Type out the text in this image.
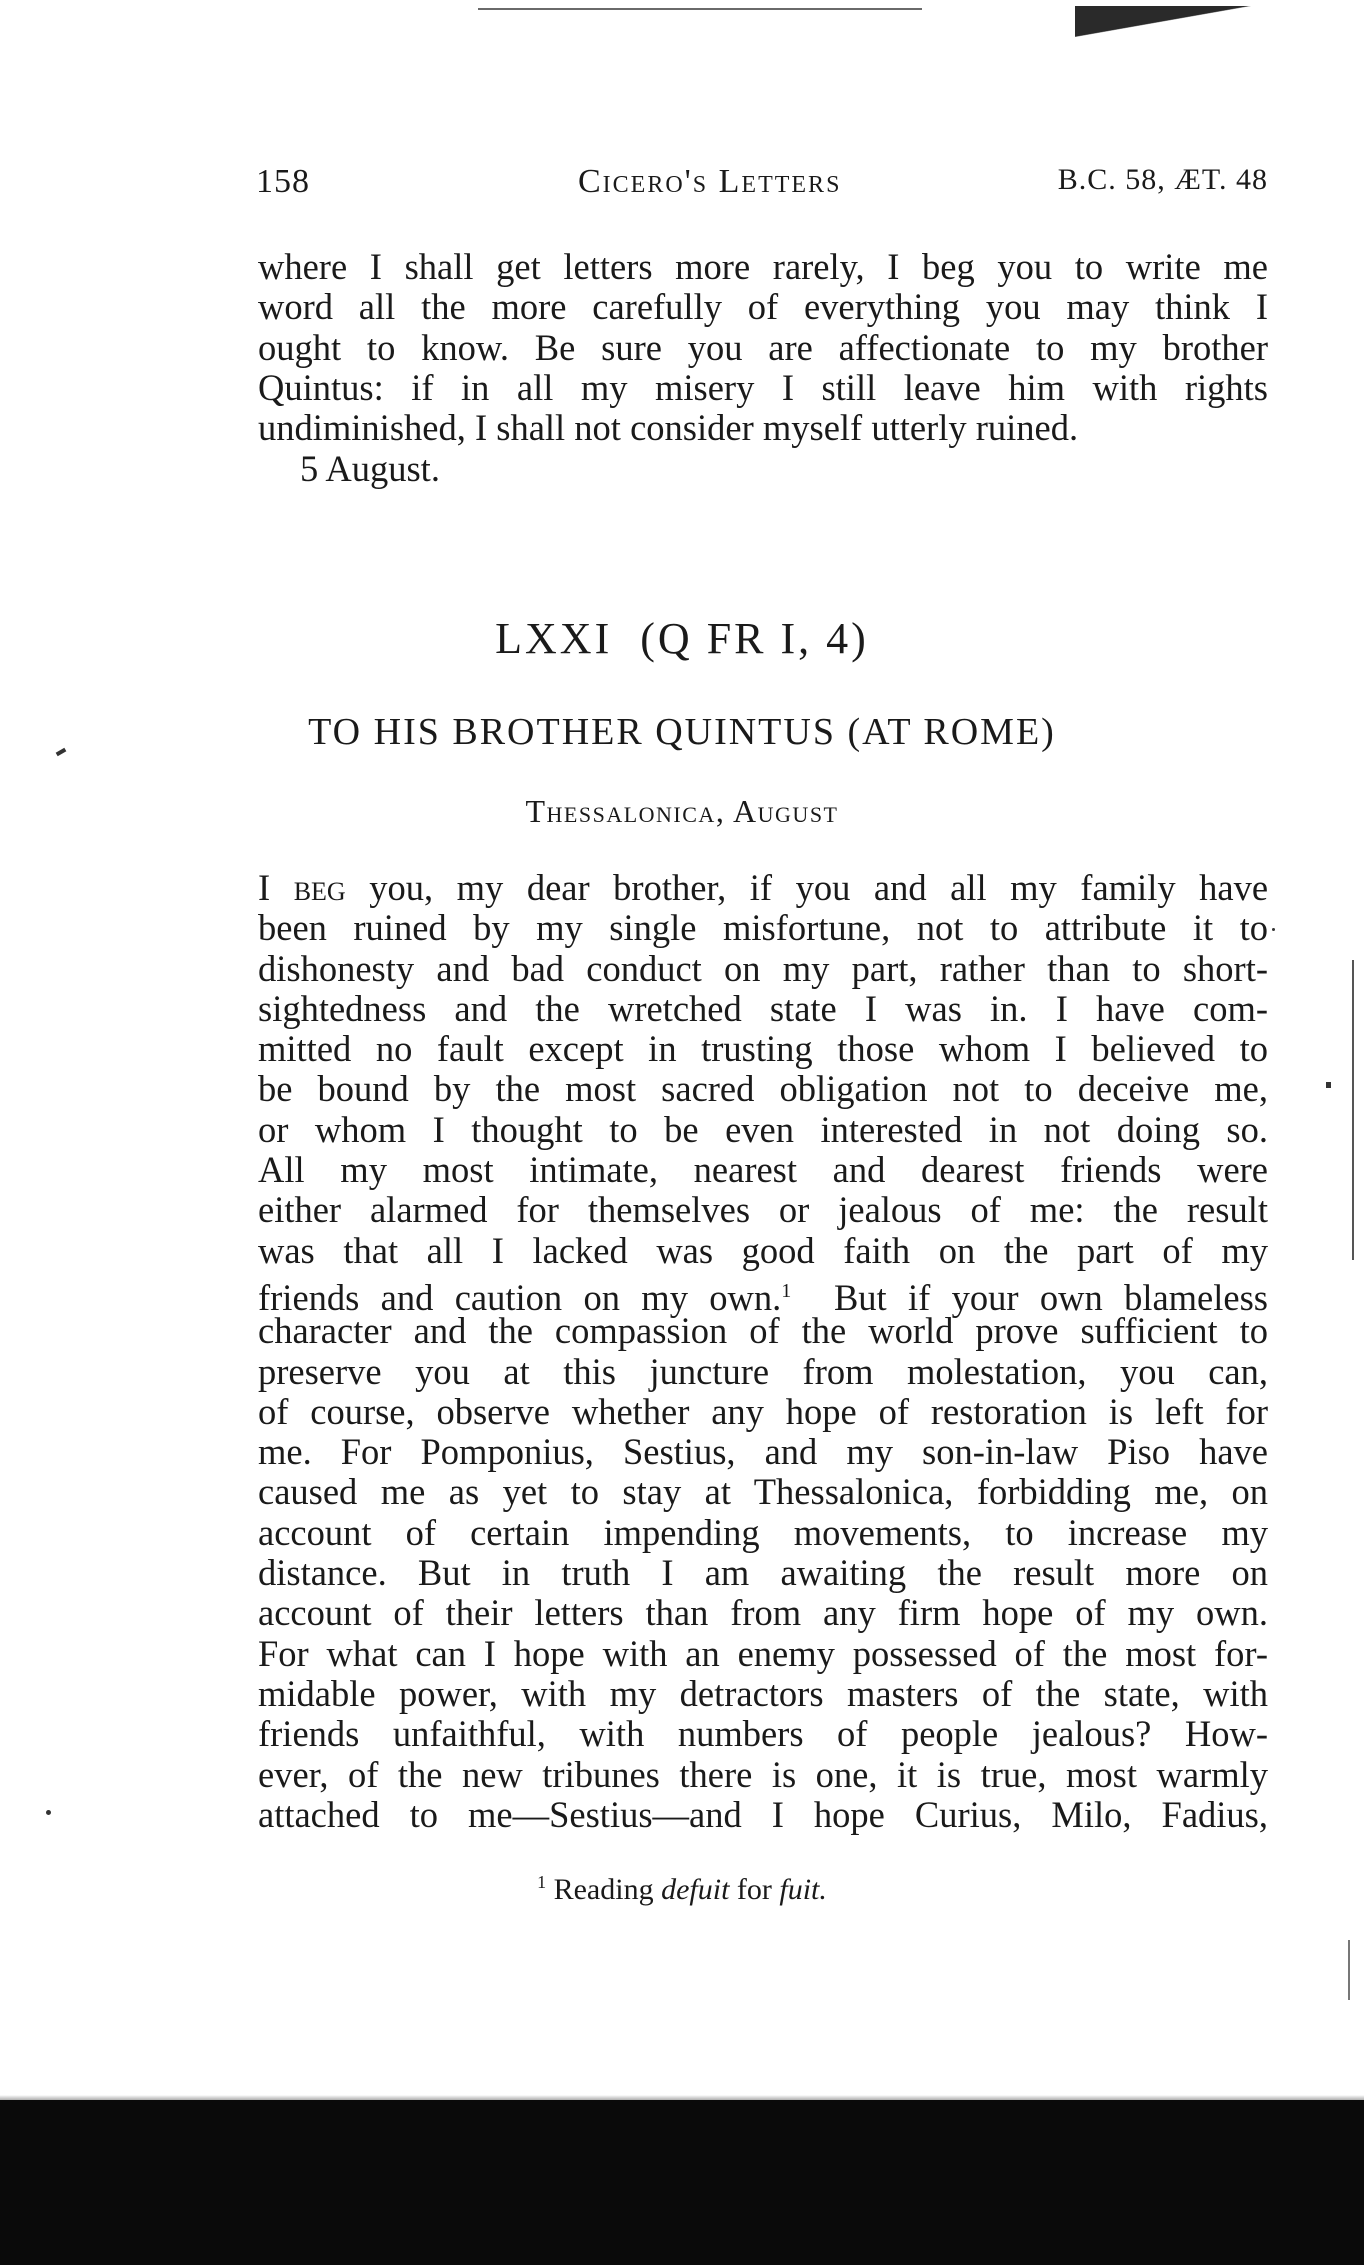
158	Cicero's Letters	B.C. 58, ÆT. 48
where I shall get letters more rarely, I beg you to write me
word all the more carefully of everything you may think I
ought to know. Be sure you are affectionate to my brother
Quintus: if in all my misery I still leave him with rights
undiminished, I shall not consider myself utterly ruined.
5 August.
LXXI (Q FR I, 4)
TO HIS BROTHER QUINTUS (AT ROME)
Thessalonica, August
I beg you, my dear brother, if you and all my family have
been ruined by my single misfortune, not to attribute it to
dishonesty and bad conduct on my part, rather than to short-
sightedness and the wretched state I was in. I have com-
mitted no fault except in trusting those whom I believed to
be bound by the most sacred obligation not to deceive me,
or whom I thought to be even interested in not doing so.
All my most intimate, nearest and dearest friends were
either alarmed for themselves or jealous of me: the result
was that all I lacked was good faith on the part of my
friends and caution on my own.$^1$ But if your own blameless
character and the compassion of the world prove sufficient to
preserve you at this juncture from molestation, you can,
of course, observe whether any hope of restoration is left for
me. For Pomponius, Sestius, and my son-in-law Piso have
caused me as yet to stay at Thessalonica, forbidding me, on
account of certain impending movements, to increase my
distance. But in truth I am awaiting the result more on
account of their letters than from any firm hope of my own.
For what can I hope with an enemy possessed of the most for-
midable power, with my detractors masters of the state, with
friends unfaithful, with numbers of people jealous? How-
ever, of the new tribunes there is one, it is true, most warmly
attached to me—Sestius—and I hope Curius, Milo, Fadius,
$^1$ Reading defuit for fuit.
